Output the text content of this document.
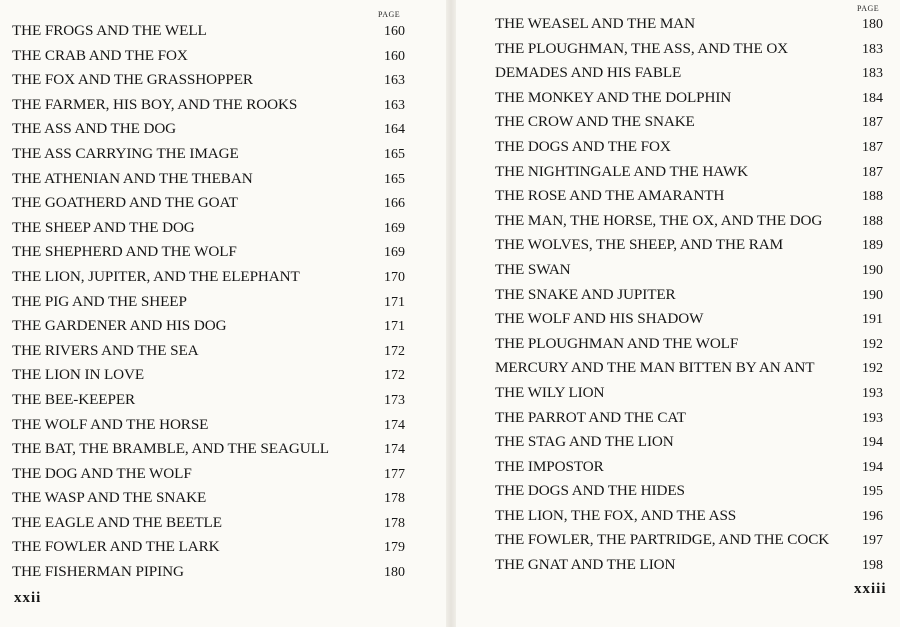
PAGE
THE FROGS AND THE WELL	160
THE CRAB AND THE FOX	160
THE FOX AND THE GRASSHOPPER	163
THE FARMER, HIS BOY, AND THE ROOKS	163
THE ASS AND THE DOG	164
THE ASS CARRYING THE IMAGE	165
THE ATHENIAN AND THE THEBAN	165
THE GOATHERD AND THE GOAT	166
THE SHEEP AND THE DOG	169
THE SHEPHERD AND THE WOLF	169
THE LION, JUPITER, AND THE ELEPHANT	170
THE PIG AND THE SHEEP	171
THE GARDENER AND HIS DOG	171
THE RIVERS AND THE SEA	172
THE LION IN LOVE	172
THE BEE-KEEPER	173
THE WOLF AND THE HORSE	174
THE BAT, THE BRAMBLE, AND THE SEAGULL	174
THE DOG AND THE WOLF	177
THE WASP AND THE SNAKE	178
THE EAGLE AND THE BEETLE	178
THE FOWLER AND THE LARK	179
THE FISHERMAN PIPING	180
xxii
PAGE
THE WEASEL AND THE MAN	180
THE PLOUGHMAN, THE ASS, AND THE OX	183
DEMADES AND HIS FABLE	183
THE MONKEY AND THE DOLPHIN	184
THE CROW AND THE SNAKE	187
THE DOGS AND THE FOX	187
THE NIGHTINGALE AND THE HAWK	187
THE ROSE AND THE AMARANTH	188
THE MAN, THE HORSE, THE OX, AND THE DOG	188
THE WOLVES, THE SHEEP, AND THE RAM	189
THE SWAN	190
THE SNAKE AND JUPITER	190
THE WOLF AND HIS SHADOW	191
THE PLOUGHMAN AND THE WOLF	192
MERCURY AND THE MAN BITTEN BY AN ANT	192
THE WILY LION	193
THE PARROT AND THE CAT	193
THE STAG AND THE LION	194
THE IMPOSTOR	194
THE DOGS AND THE HIDES	195
THE LION, THE FOX, AND THE ASS	196
THE FOWLER, THE PARTRIDGE, AND THE COCK	197
THE GNAT AND THE LION	198
xxiii
